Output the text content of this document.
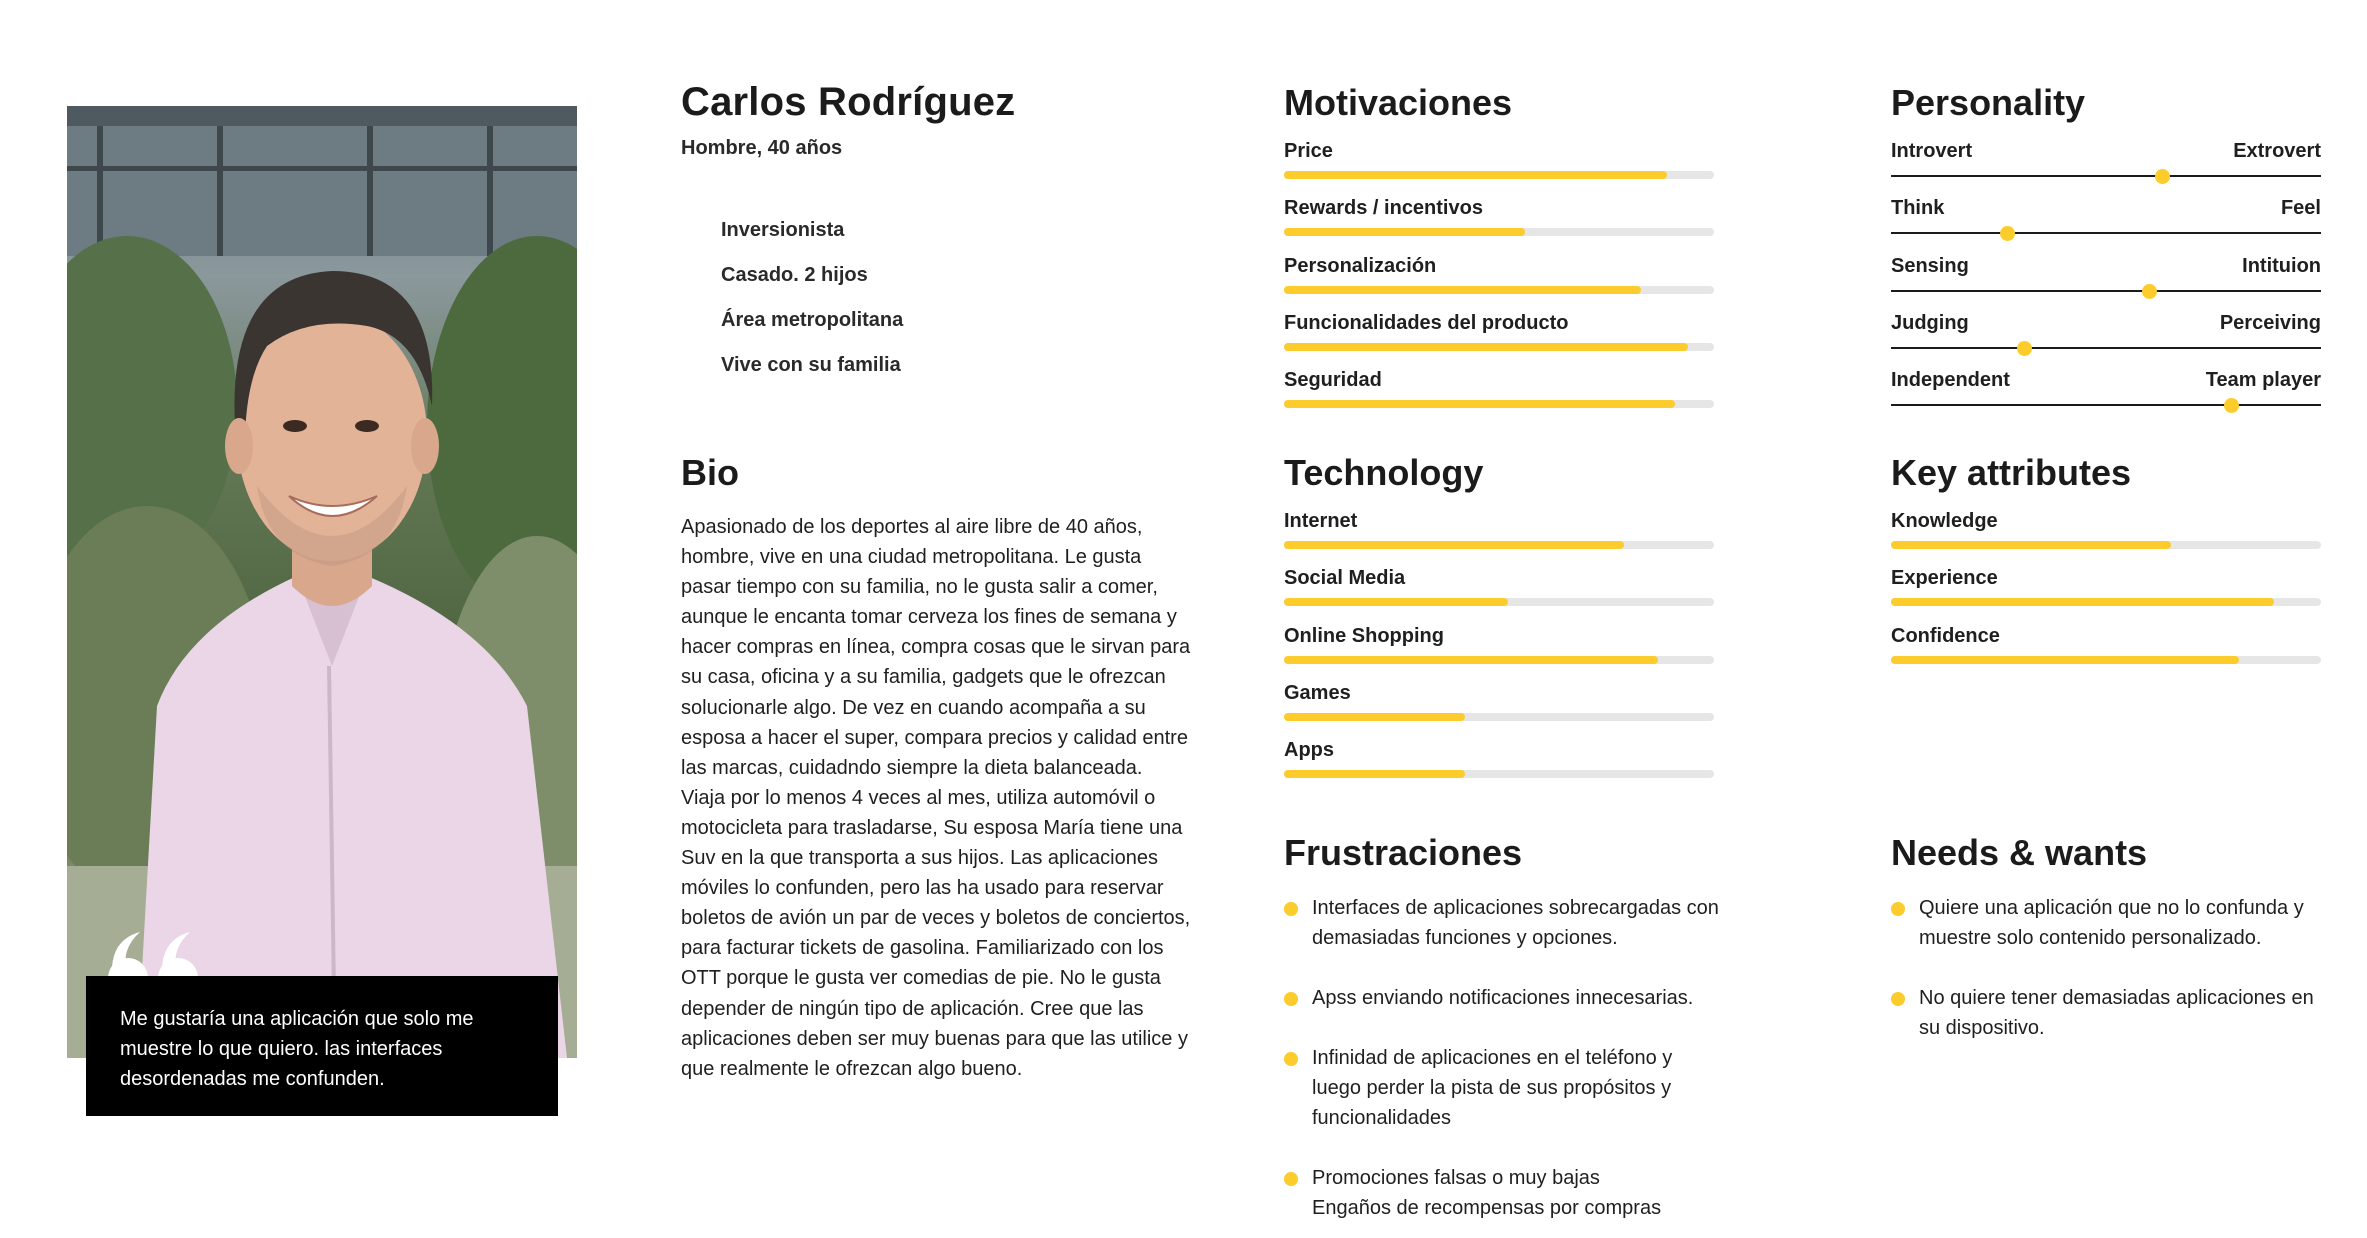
Me gustaría una aplicación que solo me muestre lo que quiero. las interfaces desordenadas me confunden.
Carlos Rodríguez
Hombre, 40 años
Inversionista
Casado. 2 hijos
Área metropolitana
Vive con su familia
Bio

Apasionado de los deportes al aire libre de 40 años, hombre, vive en una ciudad metropolitana. Le gusta pasar tiempo con su familia, no le gusta salir a comer, aunque le encanta tomar cerveza los fines de semana y hacer compras en línea, compra cosas que le sirvan para su casa, oficina y a su familia, gadgets que le ofrezcan solucionarle algo. De vez en cuando acompaña a su esposa a hacer el super, compara precios y calidad entre las marcas, cuidadndo siempre la dieta balanceada. Viaja por lo menos 4 veces al mes, utiliza automóvil o motocicleta para trasladarse, Su esposa María tiene una Suv en la que transporta a sus hijos. Las aplicaciones móviles lo confunden, pero las ha usado para reservar boletos de avión un par de veces y boletos de conciertos, para facturar tickets de gasolina. Familiarizado con los OTT porque le gusta ver comedias de pie. No le gusta depender de ningún tipo de aplicación. Cree que las aplicaciones deben ser muy buenas para que las utilice y que realmente le ofrezcan algo bueno.

Motivaciones
Price
Rewards / incentivos
Personalización
Funcionalidades del producto
Seguridad
Technology
Internet
Social Media
Online Shopping
Games
Apps
Frustraciones
Interfaces de aplicaciones sobrecargadas con demasiadas funciones y opciones.
Apss enviando notificaciones innecesarias.
Infinidad de aplicaciones en el teléfono y luego perder la pista de sus propósitos y funcionalidades
Promociones falsas o muy bajas Engaños de recompensas por compras
Personality
Introvert	Extrovert
Think	Feel
Sensing	Intituion
Judging	Perceiving
Independent	Team player
Key attributes
Knowledge
Experience
Confidence
Needs & wants
Quiere una aplicación que no lo confunda y muestre solo contenido personalizado.
No quiere tener demasiadas aplicaciones en su dispositivo.
